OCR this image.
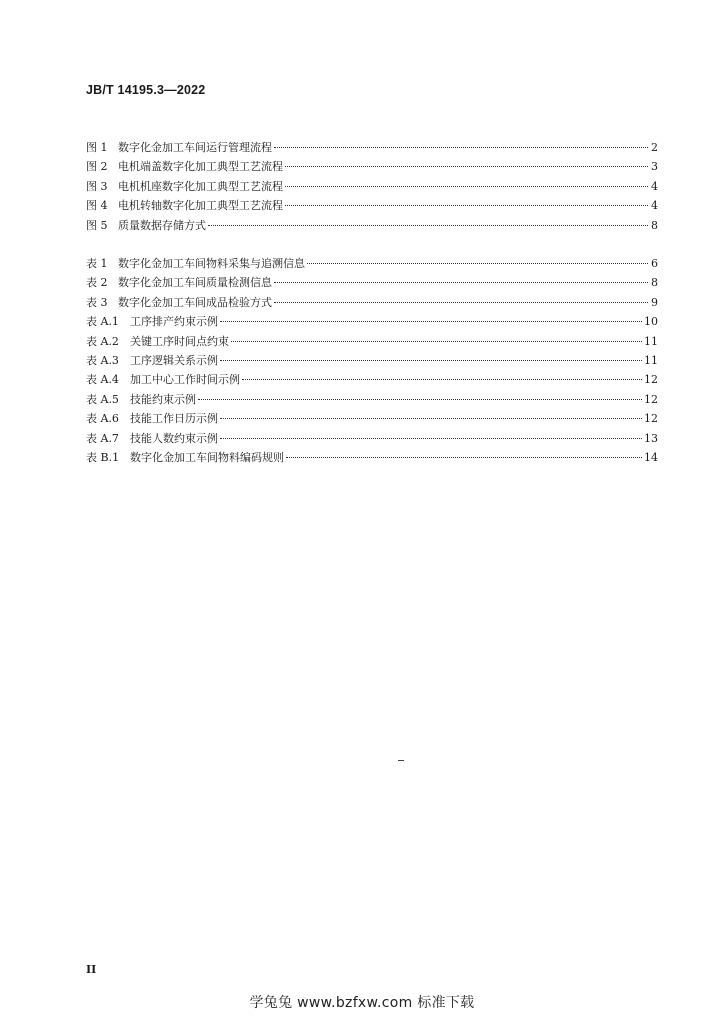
JB/T 14195.3—2022
图 1 数字化金加工车间运行管理流程	2
图 2 电机端盖数字化加工典型工艺流程	3
图 3 电机机座数字化加工典型工艺流程	4
图 4 电机转轴数字化加工典型工艺流程	4
图 5 质量数据存储方式	8
表 1 数字化金加工车间物料采集与追溯信息	6
表 2 数字化金加工车间质量检测信息	8
表 3 数字化金加工车间成品检验方式	9
表 A.1	工序排产约束示例	10
表 A.2	关键工序时间点约束	11
表 A.3	工序逻辑关系示例	11
表 A.4	加工中心工作时间示例	12
表 A.5	技能约束示例	12
表 A.6	技能工作日历示例	12
表 A.7	技能人数约束示例	13
表 B.1 数字化金加工车间物料编码规则	14
II
学兔兔 www.bzfxw.com 标准下载
